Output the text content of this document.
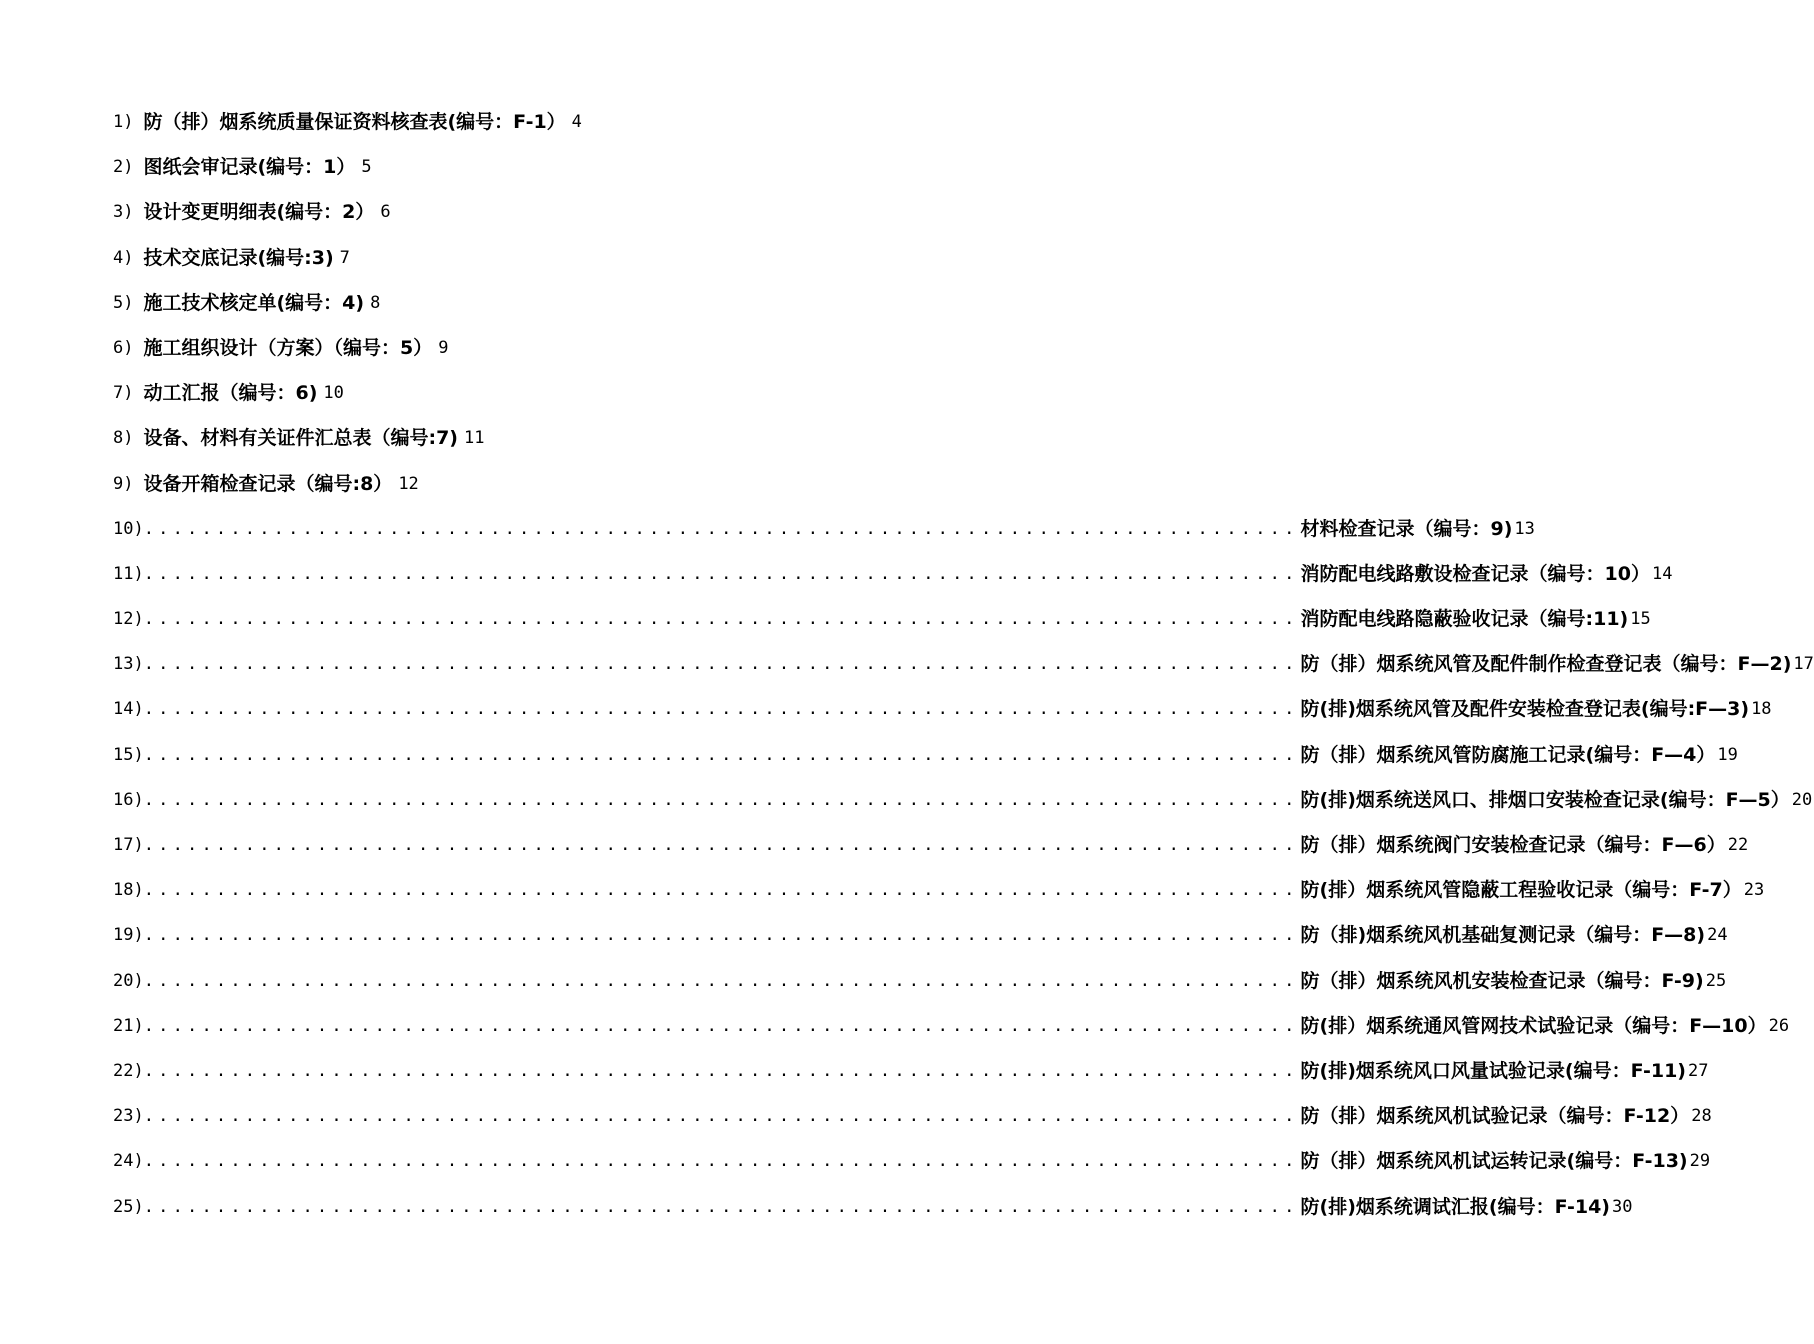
1) 防（排）烟系统质量保证资料核查表(编号：F-1） 4
2) 图纸会审记录(编号：1） 5
3) 设计变更明细表(编号：2） 6
4) 技术交底记录(编号:3) 7
5) 施工技术核定单(编号：4) 8
6) 施工组织设计（方案）（编号：5） 9
7) 动工汇报（编号：6) 10
8) 设备、材料有关证件汇总表（编号:7) 11
9) 设备开箱检查记录（编号:8） 12
10) ................................................................................ 材料检查记录（编号：9) 13
11) ................................................................................ 消防配电线路敷设检查记录（编号：10） 14
12) ................................................................................ 消防配电线路隐蔽验收记录（编号:11) 15
13) ................................................................................ 防（排）烟系统风管及配件制作检查登记表（编号：F—2) 17
14) ................................................................................ 防(排)烟系统风管及配件安装检查登记表(编号:F—3) 18
15) ................................................................................ 防（排）烟系统风管防腐施工记录(编号：F—4） 19
16) ................................................................................ 防(排)烟系统送风口、排烟口安装检查记录(编号：F—5） 20
17) ................................................................................ 防（排）烟系统阀门安装检查记录（编号：F—6） 22
18) ................................................................................ 防(排）烟系统风管隐蔽工程验收记录（编号：F-7） 23
19) ................................................................................ 防（排)烟系统风机基础复测记录（编号：F—8) 24
20) ................................................................................ 防（排）烟系统风机安装检查记录（编号：F-9) 25
21) ................................................................................ 防(排）烟系统通风管网技术试验记录（编号：F—10） 26
22) ................................................................................ 防(排)烟系统风口风量试验记录(编号：F-11) 27
23) ................................................................................ 防（排）烟系统风机试验记录（编号：F-12） 28
24) ................................................................................ 防（排）烟系统风机试运转记录(编号：F-13) 29
25) ................................................................................ 防(排)烟系统调试汇报(编号：F-14) 30
